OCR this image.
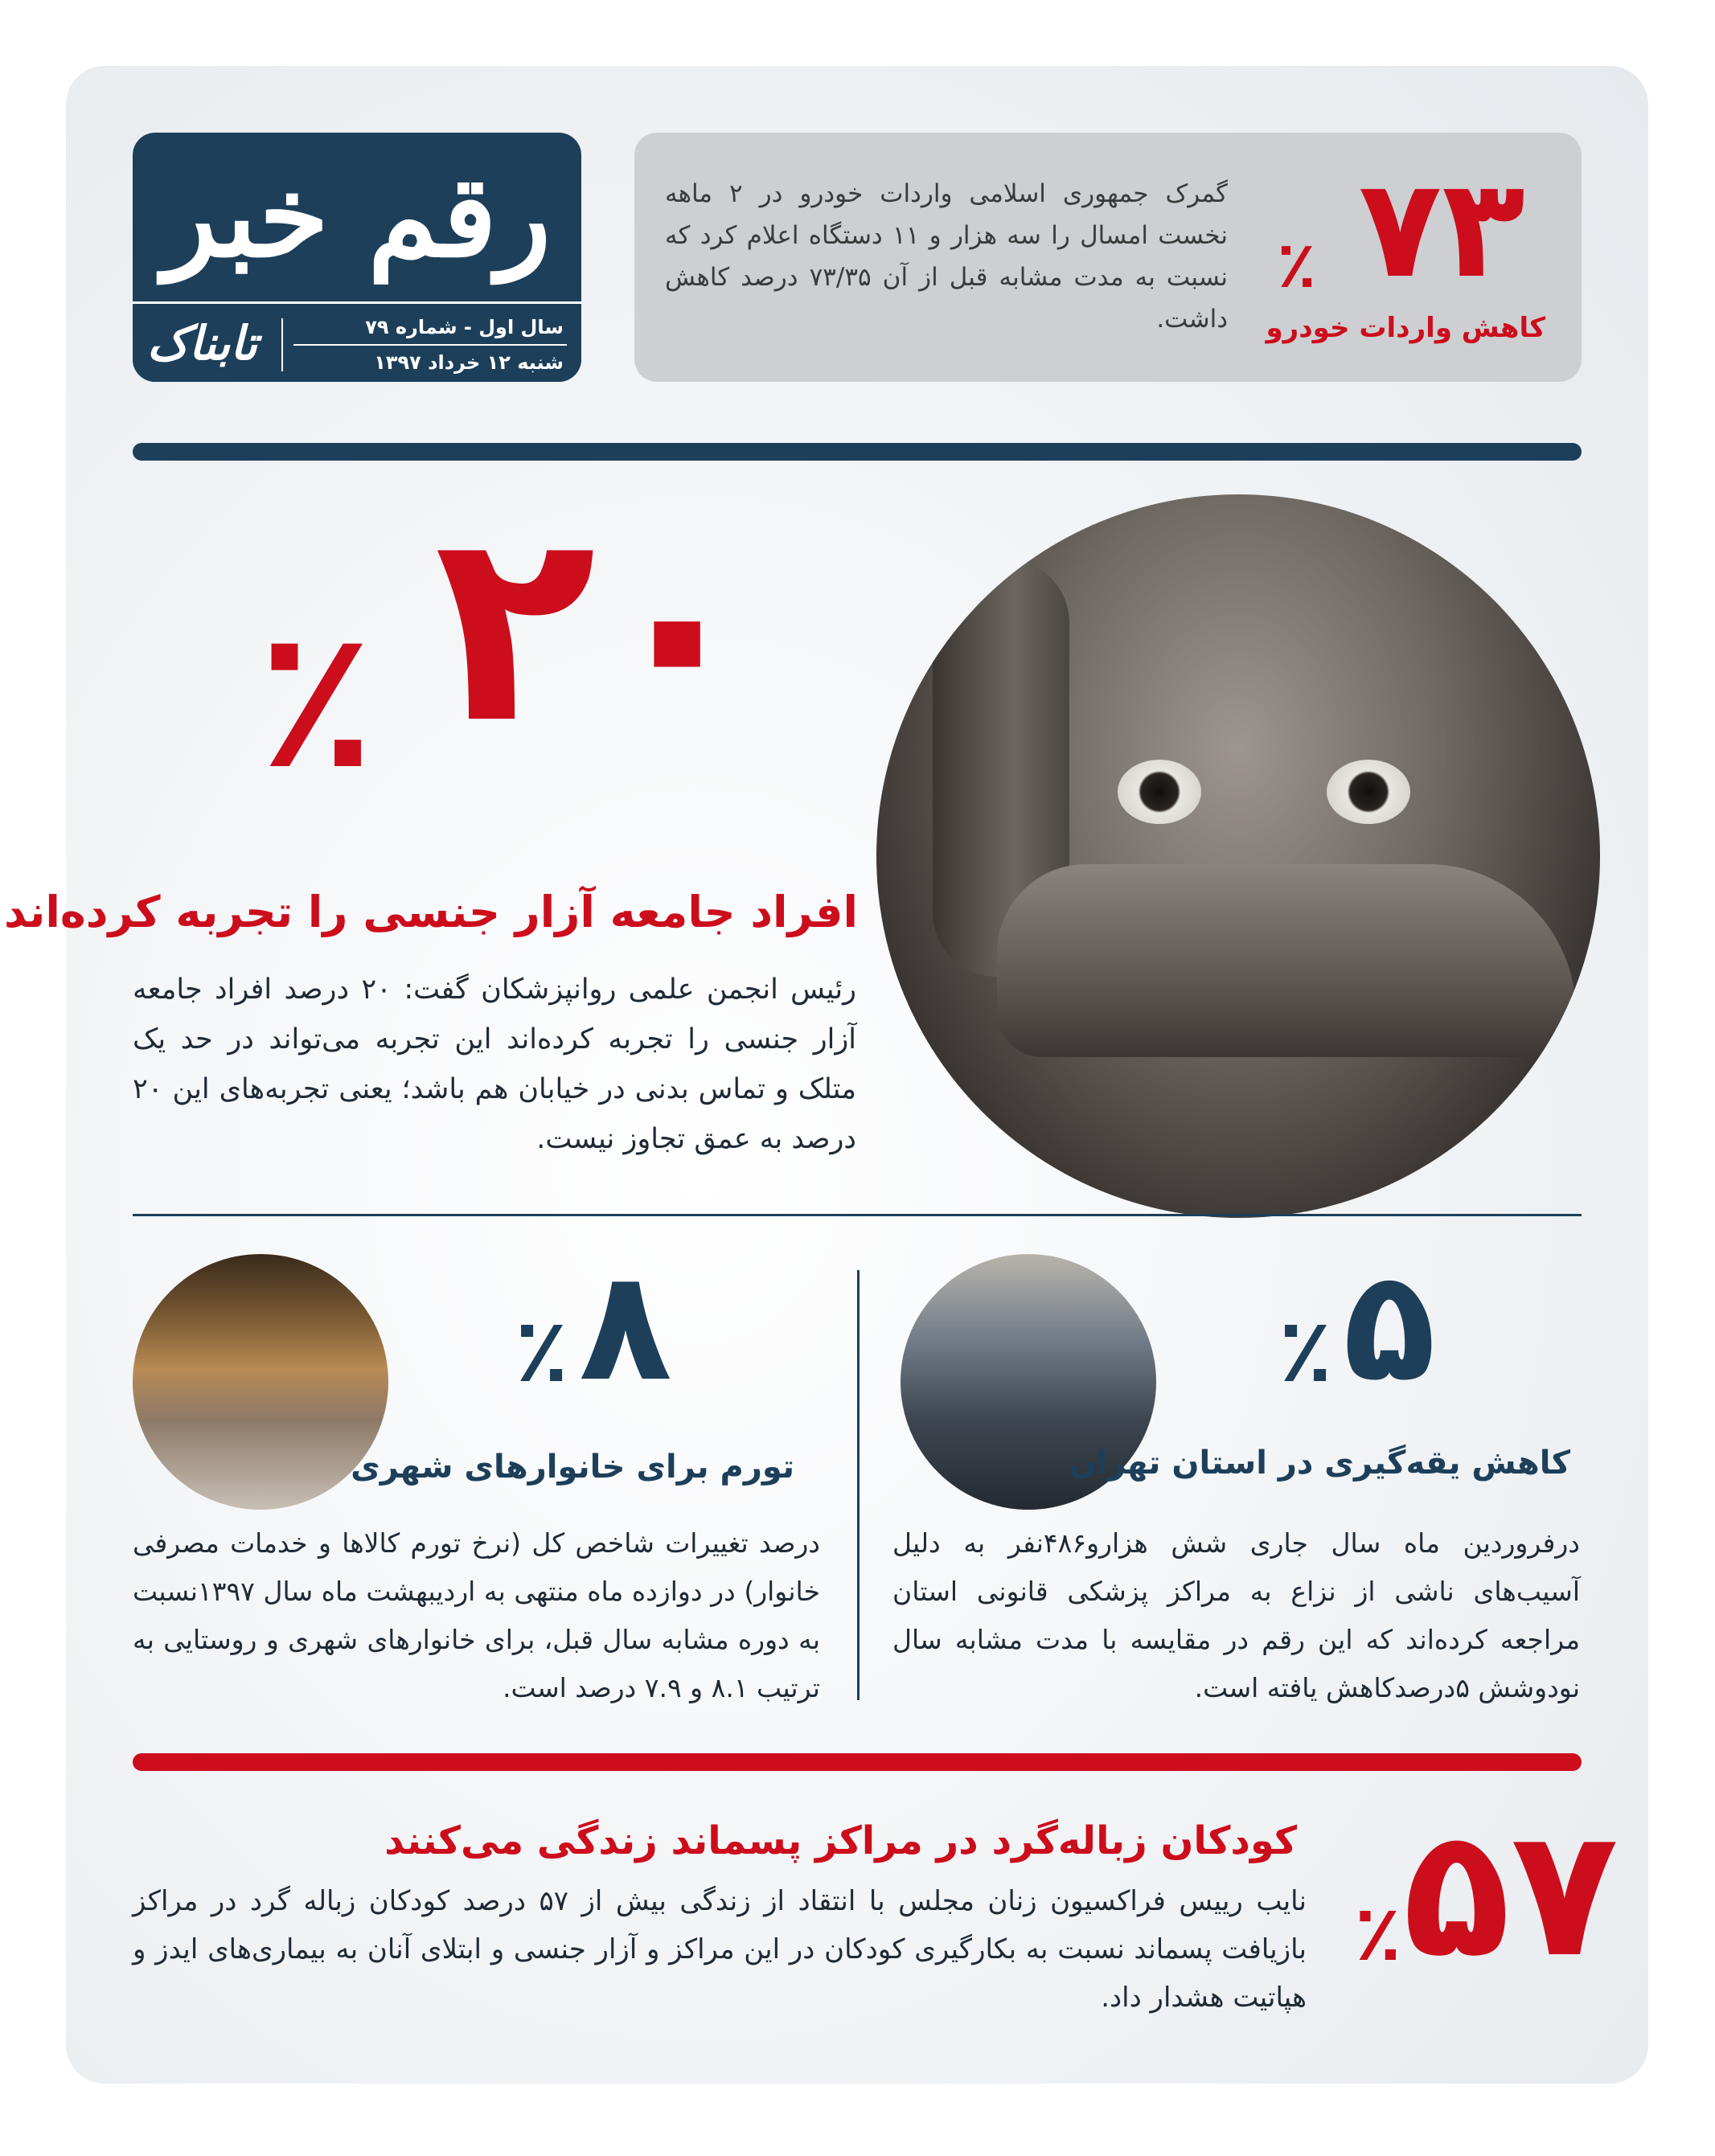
رقم خبر
تابناک	سال اول - شماره ۷۹
شنبه ۱۲ خرداد ۱۳۹۷
۷۳
٪
کاهش واردات خودرو
گمرک جمهوری اسلامی واردات خودرو در ۲ ماهه نخست امسال را سه هزار و ۱۱ دستگاه اعلام کرد که نسبت به مدت مشابه قبل از آن ۷۳/۳۵ درصد کاهش داشت.
۲۰
٪
افراد جامعه آزار جنسی را تجربه کرده‌اند
رئیس انجمن علمی روانپزشکان گفت: ۲۰ درصد افراد جامعه آزار جنسی را تجربه کرده‌اند این تجربه می‌تواند در حد یک متلک و تماس بدنی در خیابان هم باشد؛ یعنی تجربه‌های این ۲۰ درصد به عمق تجاوز نیست.
۸
٪
تورم برای خانوارهای شهری
درصد تغییرات شاخص کل (نرخ تورم کالاها و خدمات مصرفی خانوار) در دوازده ماه منتهی به اردیبهشت ماه سال ۱۳۹۷نسبت به دوره مشابه سال قبل، برای خانوارهای شهری و روستایی به ترتیب ۸.۱ و ۷.۹ درصد است.
۵
٪
کاهش یقه‌گیری در استان تهران
درفروردین ماه سال جاری شش هزارو۴۸۶نفر به دلیل آسیب‌های ناشی از نزاع به مراکز پزشکی قانونی استان مراجعه کرده‌اند که این رقم در مقایسه با مدت مشابه سال نودوشش ۵درصدکاهش یافته است.
۵۷
٪
کودکان زباله‌گرد در مراکز پسماند زندگی می‌کنند
نایب رییس فراکسیون زنان مجلس با انتقاد از زندگی بیش از ۵۷ درصد کودکان زباله گرد در مراکز بازیافت پسماند نسبت به بکارگیری کودکان در این مراکز و آزار جنسی و ابتلای آنان به بیماری‌های ایدز و هپاتیت هشدار داد.
